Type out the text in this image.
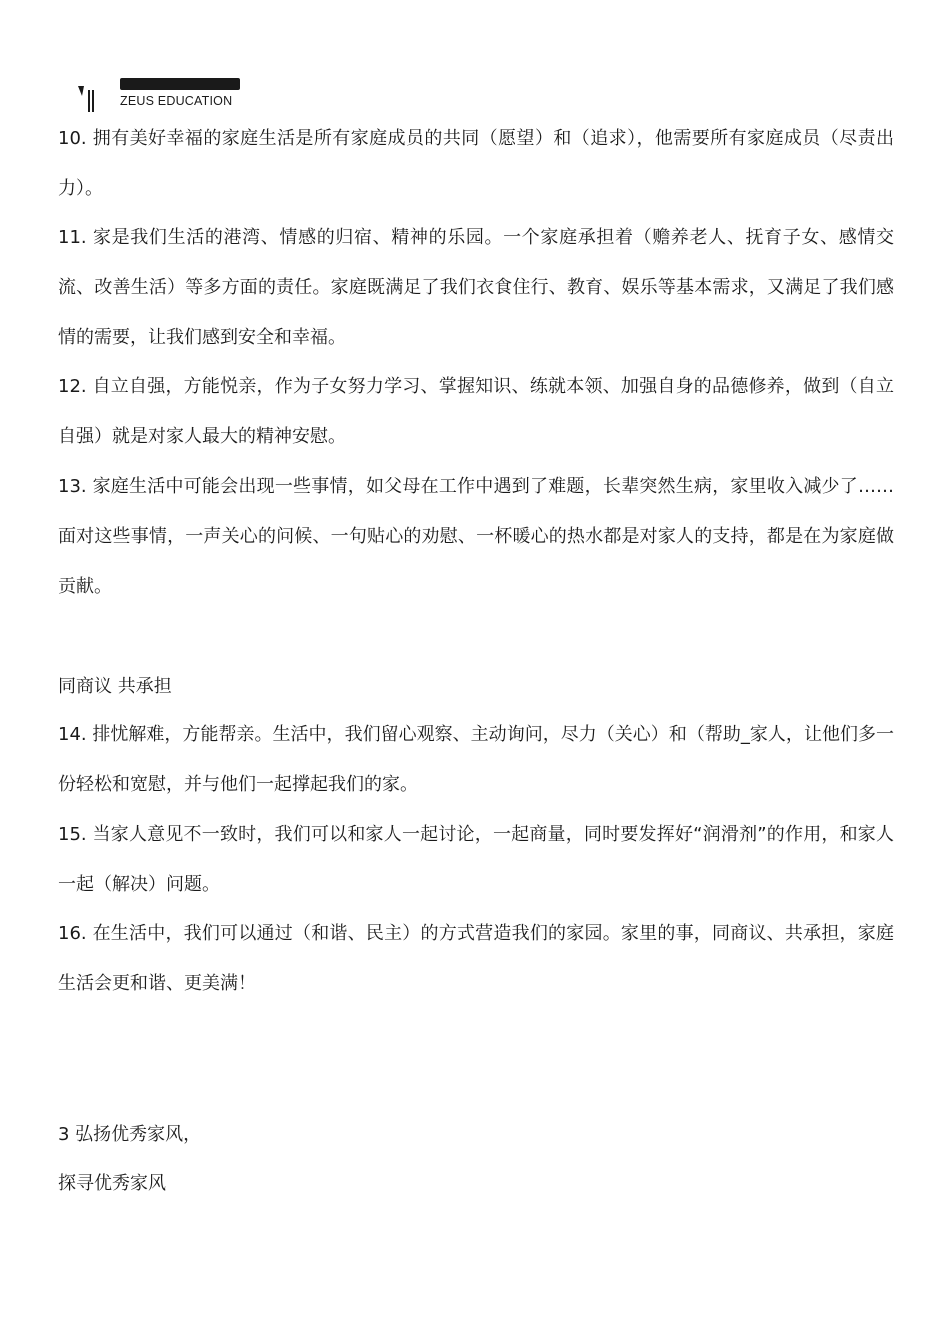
ZEUS EDUCATION
10. 拥有美好幸福的家庭生活是所有家庭成员的共同（愿望）和（追求），他需要所有家庭成员（尽责出力）。
11. 家是我们生活的港湾、情感的归宿、精神的乐园。一个家庭承担着（赡养老人、抚育子女、感情交流、改善生活）等多方面的责任。家庭既满足了我们衣食住行、教育、娱乐等基本需求，又满足了我们感情的需要，让我们感到安全和幸福。
12. 自立自强，方能悦亲，作为子女努力学习、掌握知识、练就本领、加强自身的品德修养，做到（自立自强）就是对家人最大的精神安慰。
13. 家庭生活中可能会出现一些事情，如父母在工作中遇到了难题，长辈突然生病，家里收入减少了……面对这些事情，一声关心的问候、一句贴心的劝慰、一杯暖心的热水都是对家人的支持，都是在为家庭做贡献。
同商议 共承担
14. 排忧解难，方能帮亲。生活中，我们留心观察、主动询问，尽力（关心）和（帮助_家人，让他们多一份轻松和宽慰，并与他们一起撑起我们的家。
15. 当家人意见不一致时，我们可以和家人一起讨论，一起商量，同时要发挥好“润滑剂”的作用，和家人一起（解决）问题。
16. 在生活中，我们可以通过（和谐、民主）的方式营造我们的家园。家里的事，同商议、共承担，家庭生活会更和谐、更美满！
3 弘扬优秀家风，
探寻优秀家风
